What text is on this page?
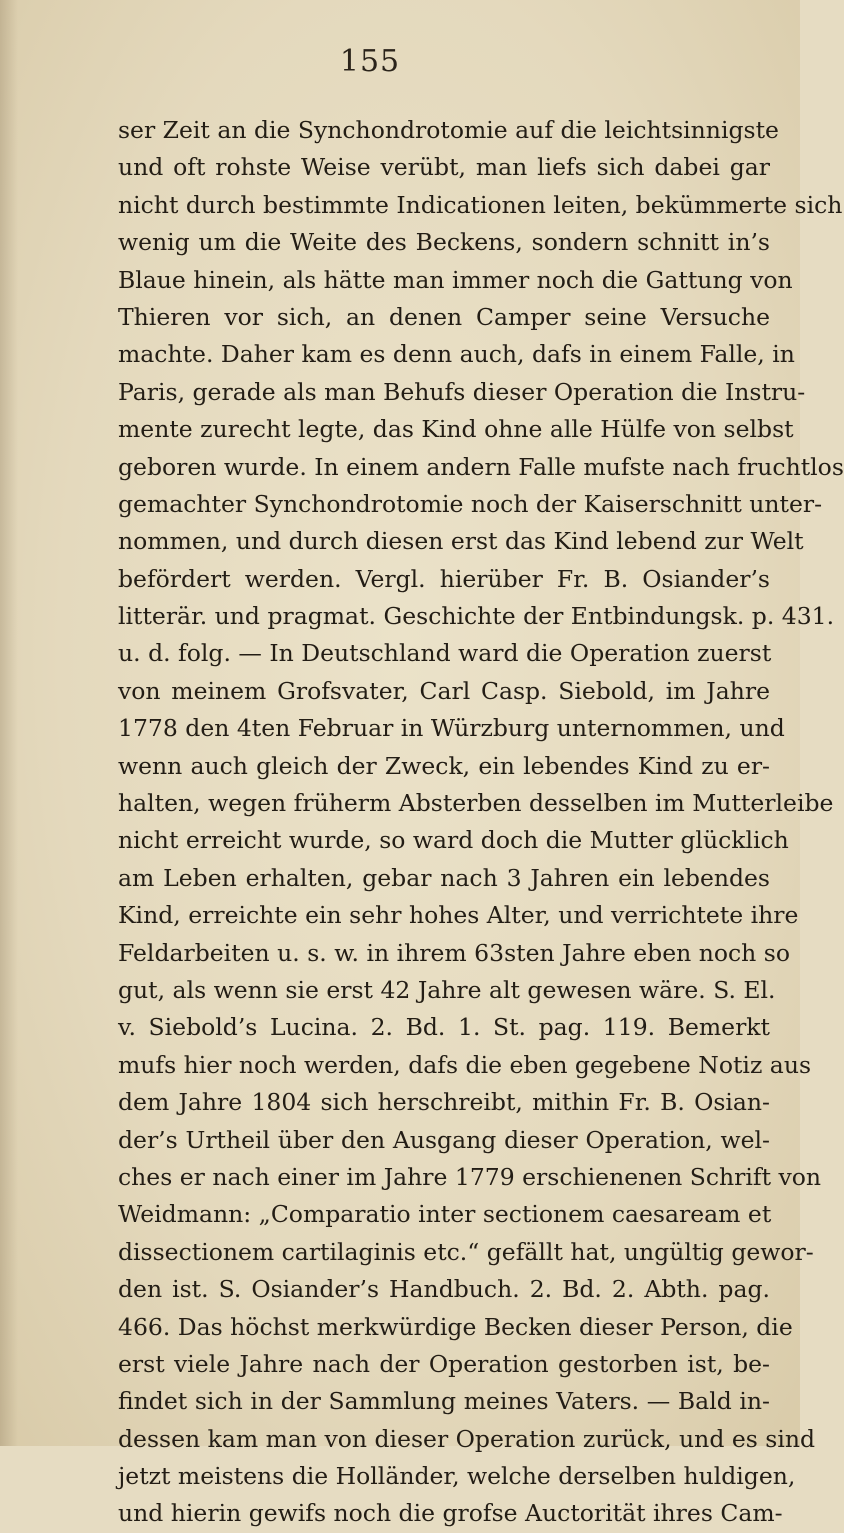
155
ser Zeit an die Synchondrotomie auf die leichtsinnigste
und oft rohste Weise verübt, man liefs sich dabei gar
nicht durch bestimmte Indicationen leiten, bekümmerte sich
wenig um die Weite des Beckens, sondern schnitt in’s
Blaue hinein, als hätte man immer noch die Gattung von
Thieren vor sich, an denen Camper seine Versuche
machte. Daher kam es denn auch, dafs in einem Falle, in
Paris, gerade als man Behufs dieser Operation die Instru-
mente zurecht legte, das Kind ohne alle Hülfe von selbst
geboren wurde. In einem andern Falle mufste nach fruchtlos
gemachter Synchondrotomie noch der Kaiserschnitt unter-
nommen, und durch diesen erst das Kind lebend zur Welt
befördert werden. Vergl. hierüber Fr. B. Osiander’s
litterär. und pragmat. Geschichte der Entbindungsk. p. 431.
u. d. folg. — In Deutschland ward die Operation zuerst
von meinem Grofsvater, Carl Casp. Siebold, im Jahre
1778 den 4ten Februar in Würzburg unternommen, und
wenn auch gleich der Zweck, ein lebendes Kind zu er-
halten, wegen früherm Absterben desselben im Mutterleibe
nicht erreicht wurde, so ward doch die Mutter glücklich
am Leben erhalten, gebar nach 3 Jahren ein lebendes
Kind, erreichte ein sehr hohes Alter, und verrichtete ihre
Feldarbeiten u. s. w. in ihrem 63sten Jahre eben noch so
gut, als wenn sie erst 42 Jahre alt gewesen wäre. S. El.
v. Siebold’s Lucina. 2. Bd. 1. St. pag. 119. Bemerkt
mufs hier noch werden, dafs die eben gegebene Notiz aus
dem Jahre 1804 sich herschreibt, mithin Fr. B. Osian-
der’s Urtheil über den Ausgang dieser Operation, wel-
ches er nach einer im Jahre 1779 erschienenen Schrift von
Weidmann: „Comparatio inter sectionem caesaream et
dissectionem cartilaginis etc.“ gefällt hat, ungültig gewor-
den ist. S. Osiander’s Handbuch. 2. Bd. 2. Abth. pag.
466. Das höchst merkwürdige Becken dieser Person, die
erst viele Jahre nach der Operation gestorben ist, be-
findet sich in der Sammlung meines Vaters. — Bald in-
dessen kam man von dieser Operation zurück, und es sind
jetzt meistens die Holländer, welche derselben huldigen,
und hierin gewifs noch die grofse Auctorität ihres Cam-
